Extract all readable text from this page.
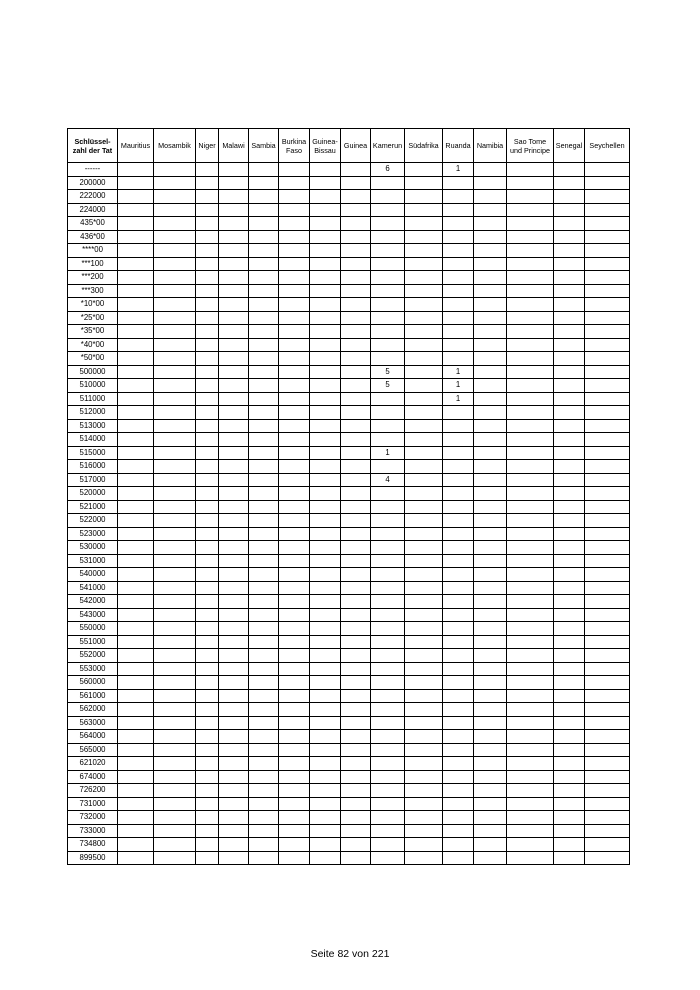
Schlüssel-zahl der Tat	Mauritius	Mosambik	Niger	Malawi	Sambia	Burkina Faso	Guinea-Bissau	Guinea	Kamerun	Südafrika	Ruanda	Namibia	Sao Tome und Principe	Senegal	Seychellen
------									6		1				
200000															
222000															
224000															
435*00															
436*00															
****00															
***100															
***200															
***300															
*10*00															
*25*00															
*35*00															
*40*00															
*50*00															
500000									5		1				
510000									5		1				
511000											1				
512000															
513000															
514000															
515000									1						
516000															
517000									4						
520000															
521000															
522000															
523000															
530000															
531000															
540000															
541000															
542000															
543000															
550000															
551000															
552000															
553000															
560000															
561000															
562000															
563000															
564000															
565000															
621020															
674000															
726200															
731000															
732000															
733000															
734800															
899500															
Seite 82 von 221
